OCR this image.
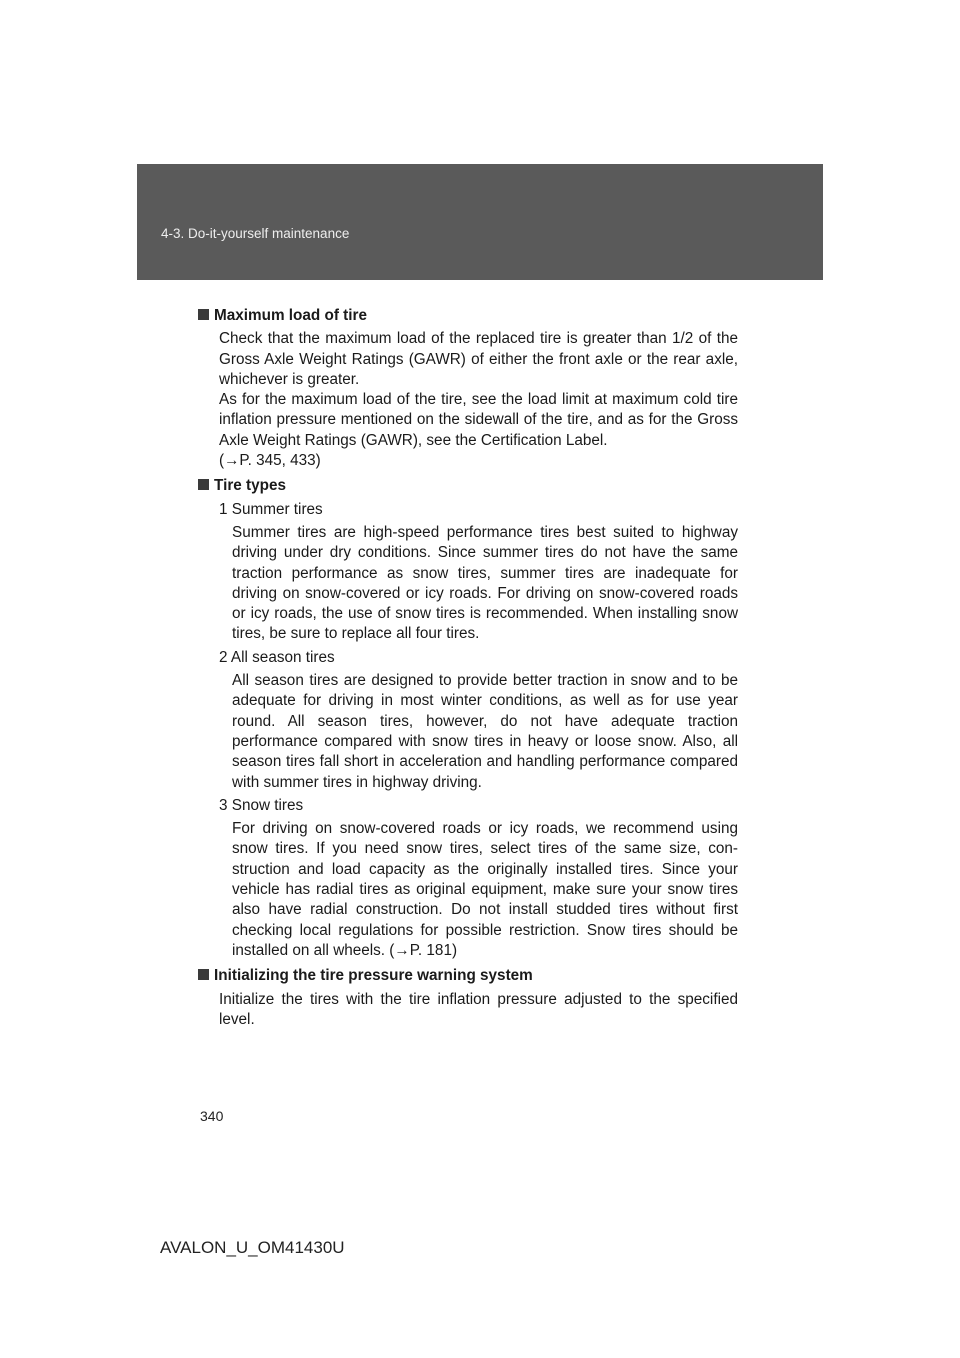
4-3. Do-it-yourself maintenance
Maximum load of tire
Check that the maximum load of the replaced tire is greater than 1/2 of the Gross Axle Weight Ratings (GAWR) of either the front axle or the rear axle, whichever is greater.
As for the maximum load of the tire, see the load limit at maximum cold tire inflation pressure mentioned on the sidewall of the tire, and as for the Gross Axle Weight Ratings (GAWR), see the Certification Label.
(→P. 345, 433)
Tire types
1 Summer tires
Summer tires are high-speed performance tires best suited to highway driving under dry conditions. Since summer tires do not have the same traction performance as snow tires, summer tires are inadequate for driving on snow-covered or icy roads. For driving on snow-covered roads or icy roads, the use of snow tires is recommended. When installing snow tires, be sure to replace all four tires.
2 All season tires
All season tires are designed to provide better traction in snow and to be adequate for driving in most winter conditions, as well as for use year round. All season tires, however, do not have adequate traction performance compared with snow tires in heavy or loose snow. Also, all season tires fall short in acceleration and handling performance compared with summer tires in highway driving.
3 Snow tires
For driving on snow-covered roads or icy roads, we recommend using snow tires. If you need snow tires, select tires of the same size, con-struction and load capacity as the originally installed tires. Since your vehicle has radial tires as original equipment, make sure your snow tires also have radial construction. Do not install studded tires without first checking local regulations for possible restriction. Snow tires should be installed on all wheels. (→P. 181)
Initializing the tire pressure warning system
Initialize the tires with the tire inflation pressure adjusted to the specified level.
340
AVALON_U_OM41430U
